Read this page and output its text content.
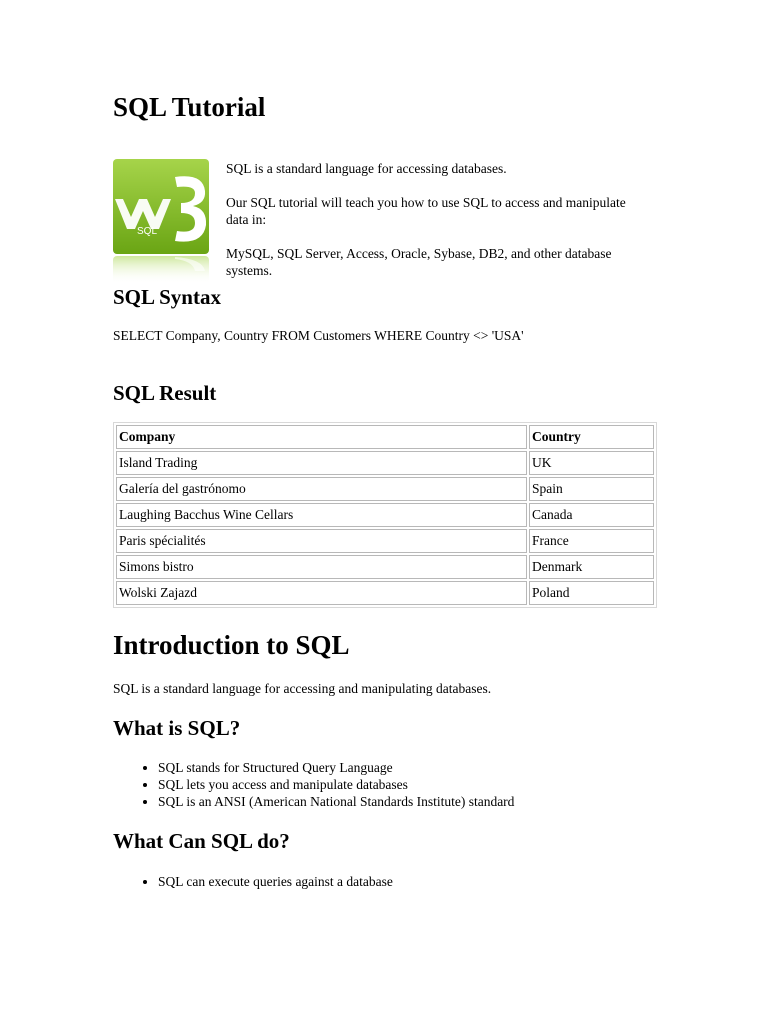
SQL Tutorial
SQL

SQL is a standard language for accessing databases.

Our SQL tutorial will teach you how to use SQL to access and manipulate data in:

MySQL, SQL Server, Access, Oracle, Sybase, DB2, and other database systems.

SQL Syntax
SELECT Company, Country FROM Customers WHERE Country <> 'USA'
SQL Result
Company	Country
Island Trading	UK
Galería del gastrónomo	Spain
Laughing Bacchus Wine Cellars	Canada
Paris spécialités	France
Simons bistro	Denmark
Wolski Zajazd	Poland
Introduction to SQL
SQL is a standard language for accessing and manipulating databases.
What is SQL?
• SQL stands for Structured Query Language
• SQL lets you access and manipulate databases
• SQL is an ANSI (American National Standards Institute) standard
What Can SQL do?
• SQL can execute queries against a database
